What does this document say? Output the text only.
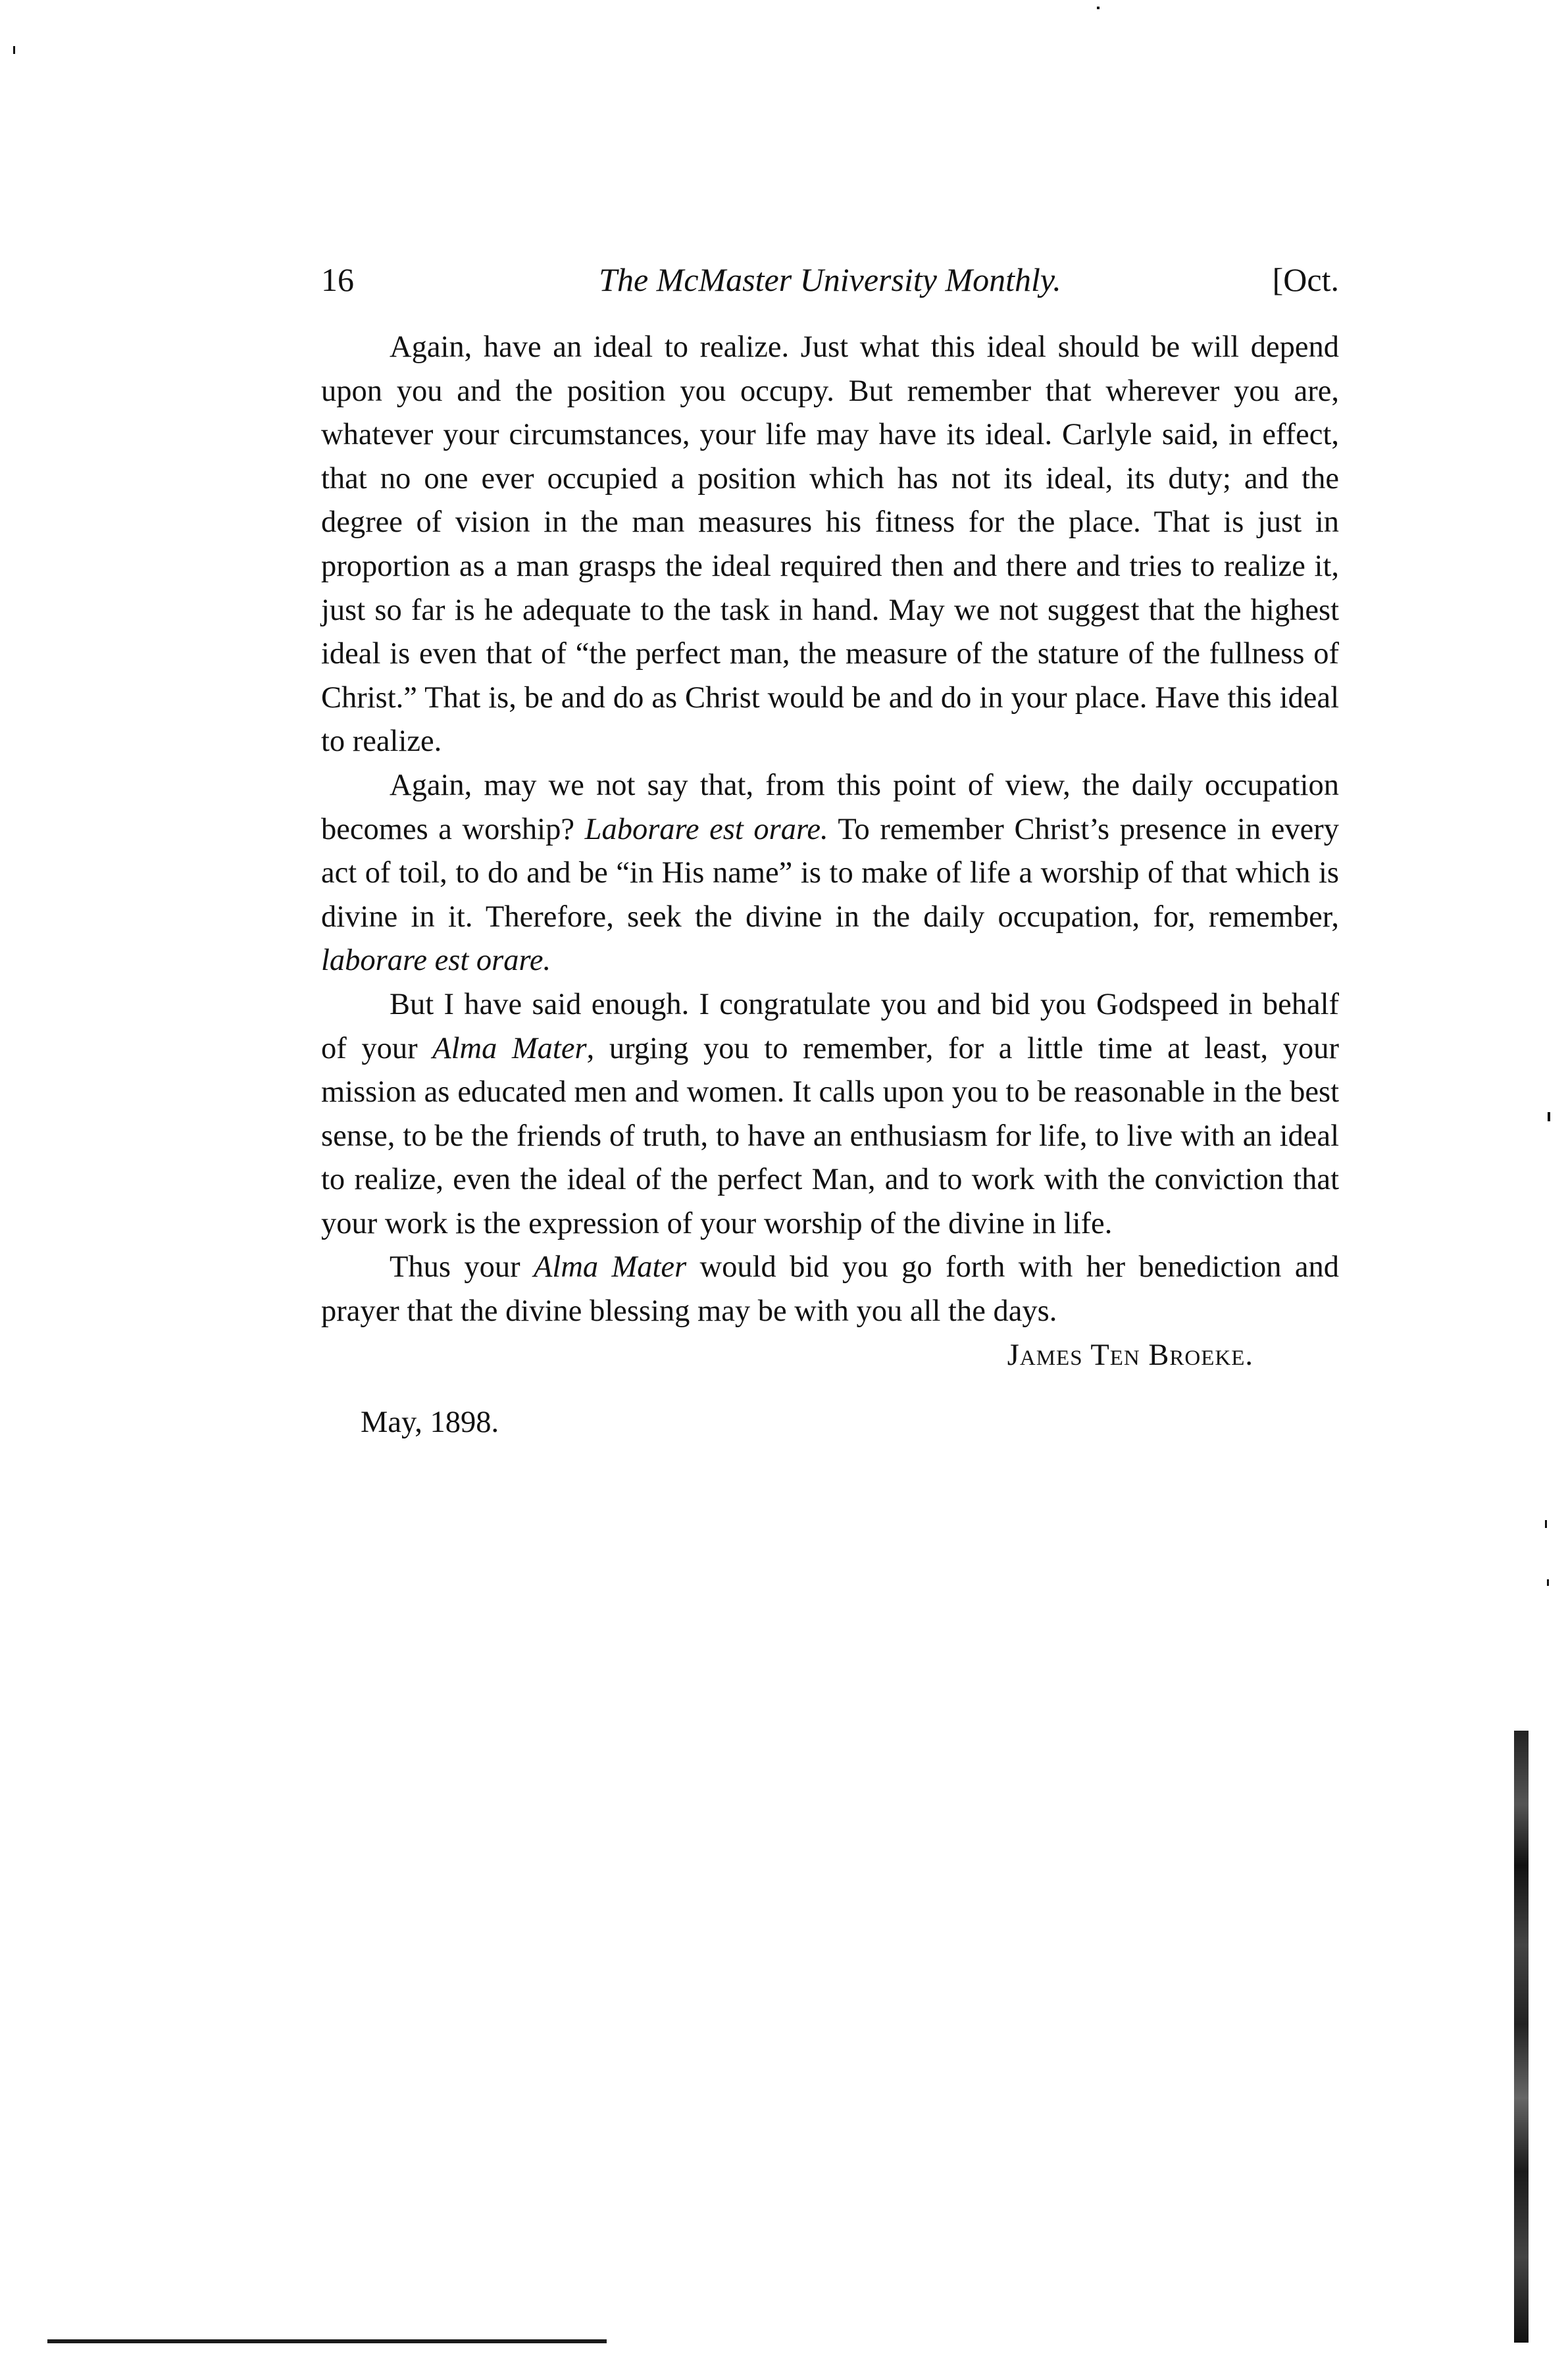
16	The McMaster University Monthly.	[Oct.

Again, have an ideal to realize. Just what this ideal should be will depend upon you and the position you occupy. But remember that wherever you are, whatever your circumstances, your life may have its ideal. Carlyle said, in effect, that no one ever occupied a position which has not its ideal, its duty; and the degree of vision in the man measures his fitness for the place. That is just in proportion as a man grasps the ideal required then and there and tries to realize it, just so far is he adequate to the task in hand. May we not suggest that the highest ideal is even that of “the perfect man, the measure of the stature of the fullness of Christ.” That is, be and do as Christ would be and do in your place. Have this ideal to realize.

Again, may we not say that, from this point of view, the daily occupation becomes a worship? Laborare est orare. To remember Christ’s presence in every act of toil, to do and be “in His name” is to make of life a worship of that which is divine in it. Therefore, seek the divine in the daily occupation, for, remember, laborare est orare.

But I have said enough. I congratulate you and bid you Godspeed in behalf of your Alma Mater, urging you to remember, for a little time at least, your mission as educated men and women. It calls upon you to be reasonable in the best sense, to be the friends of truth, to have an enthusiasm for life, to live with an ideal to realize, even the ideal of the perfect Man, and to work with the conviction that your work is the expression of your worship of the divine in life.

Thus your Alma Mater would bid you go forth with her benediction and prayer that the divine blessing may be with you all the days.

James Ten Broeke.

May, 1898.
